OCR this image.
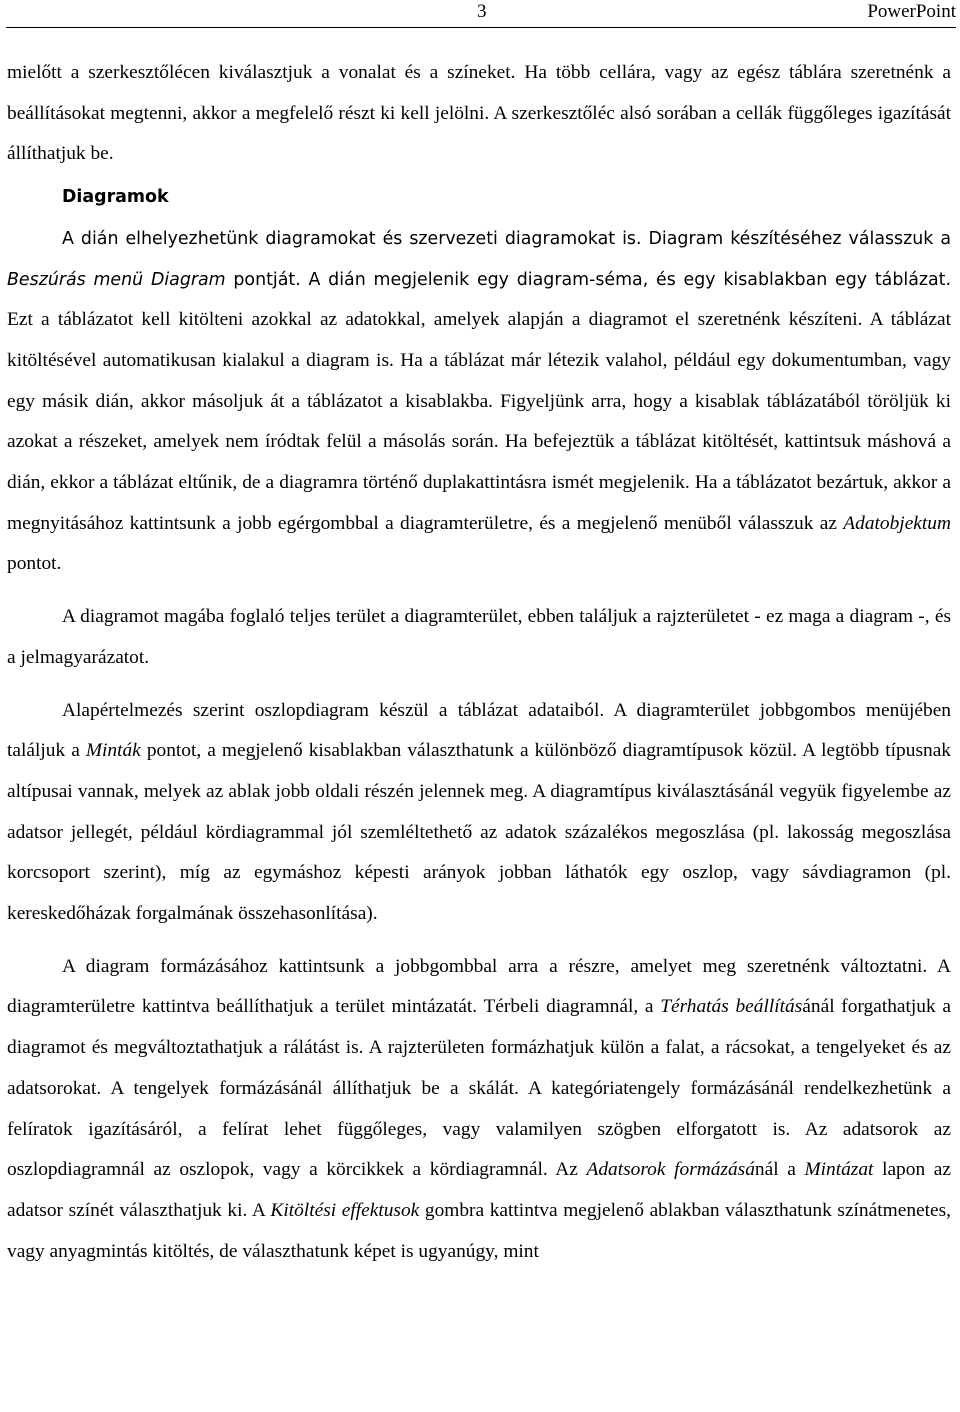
3	PowerPoint

mielőtt a szerkesztőlécen kiválasztjuk a vonalat és a színeket. Ha több cellára, vagy az egész táblára szeretnénk a beállításokat megtenni, akkor a megfelelő részt ki kell jelölni. A szerkesztőléc alsó sorában a cellák függőleges igazítását állíthatjuk be.

Diagramok

A dián elhelyezhetünk diagramokat és szervezeti diagramokat is. Diagram készítéséhez válasszuk a Beszúrás menü Diagram pontját. A dián megjelenik egy diagram-séma, és egy kisablakban egy táblázat. Ezt a táblázatot kell kitölteni azokkal az adatokkal, amelyek alapján a diagramot el szeretnénk készíteni. A táblázat kitöltésével automatikusan kialakul a diagram is. Ha a táblázat már létezik valahol, például egy dokumentumban, vagy egy másik dián, akkor másoljuk át a táblázatot a kisablakba. Figyeljünk arra, hogy a kisablak táblázatából töröljük ki azokat a részeket, amelyek nem íródtak felül a másolás során. Ha befejeztük a táblázat kitöltését, kattintsuk máshová a dián, ekkor a táblázat eltűnik, de a diagramra történő duplakattintásra ismét megjelenik. Ha a táblázatot bezártuk, akkor a megnyitásához kattintsunk a jobb egérgombbal a diagramterületre, és a megjelenő menüből válasszuk az Adatobjektum pontot.

A diagramot magába foglaló teljes terület a diagramterület, ebben találjuk a rajzterületet - ez maga a diagram -, és a jelmagyarázatot.

Alapértelmezés szerint oszlopdiagram készül a táblázat adataiból. A diagramterület jobbgombos menüjében találjuk a Minták pontot, a megjelenő kisablakban választhatunk a különböző diagramtípusok közül. A legtöbb típusnak altípusai vannak, melyek az ablak jobb oldali részén jelennek meg. A diagramtípus kiválasztásánál vegyük figyelembe az adatsor jellegét, például kördiagrammal jól szemléltethető az adatok százalékos megoszlása (pl. lakosság megoszlása korcsoport szerint), míg az egymáshoz képesti arányok jobban láthatók egy oszlop, vagy sávdiagramon (pl. kereskedőházak forgalmának összehasonlítása).

A diagram formázásához kattintsunk a jobbgombbal arra a részre, amelyet meg szeretnénk változtatni. A diagramterületre kattintva beállíthatjuk a terület mintázatát. Térbeli diagramnál, a Térhatás beállításánál forgathatjuk a diagramot és megváltoztathatjuk a rálátást is. A rajzterületen formázhatjuk külön a falat, a rácsokat, a tengelyeket és az adatsorokat. A tengelyek formázásánál állíthatjuk be a skálát. A kategóriatengely formázásánál rendelkezhetünk a felíratok igazításáról, a felírat lehet függőleges, vagy valamilyen szögben elforgatott is. Az adatsorok az oszlopdiagramnál az oszlopok, vagy a körcikkek a kördiagramnál. Az Adatsorok formázásánál a Mintázat lapon az adatsor színét választhatjuk ki. A Kitöltési effektusok gombra kattintva megjelenő ablakban választhatunk színátmenetes, vagy anyagmintás kitöltés, de választhatunk képet is ugyanúgy, mint
